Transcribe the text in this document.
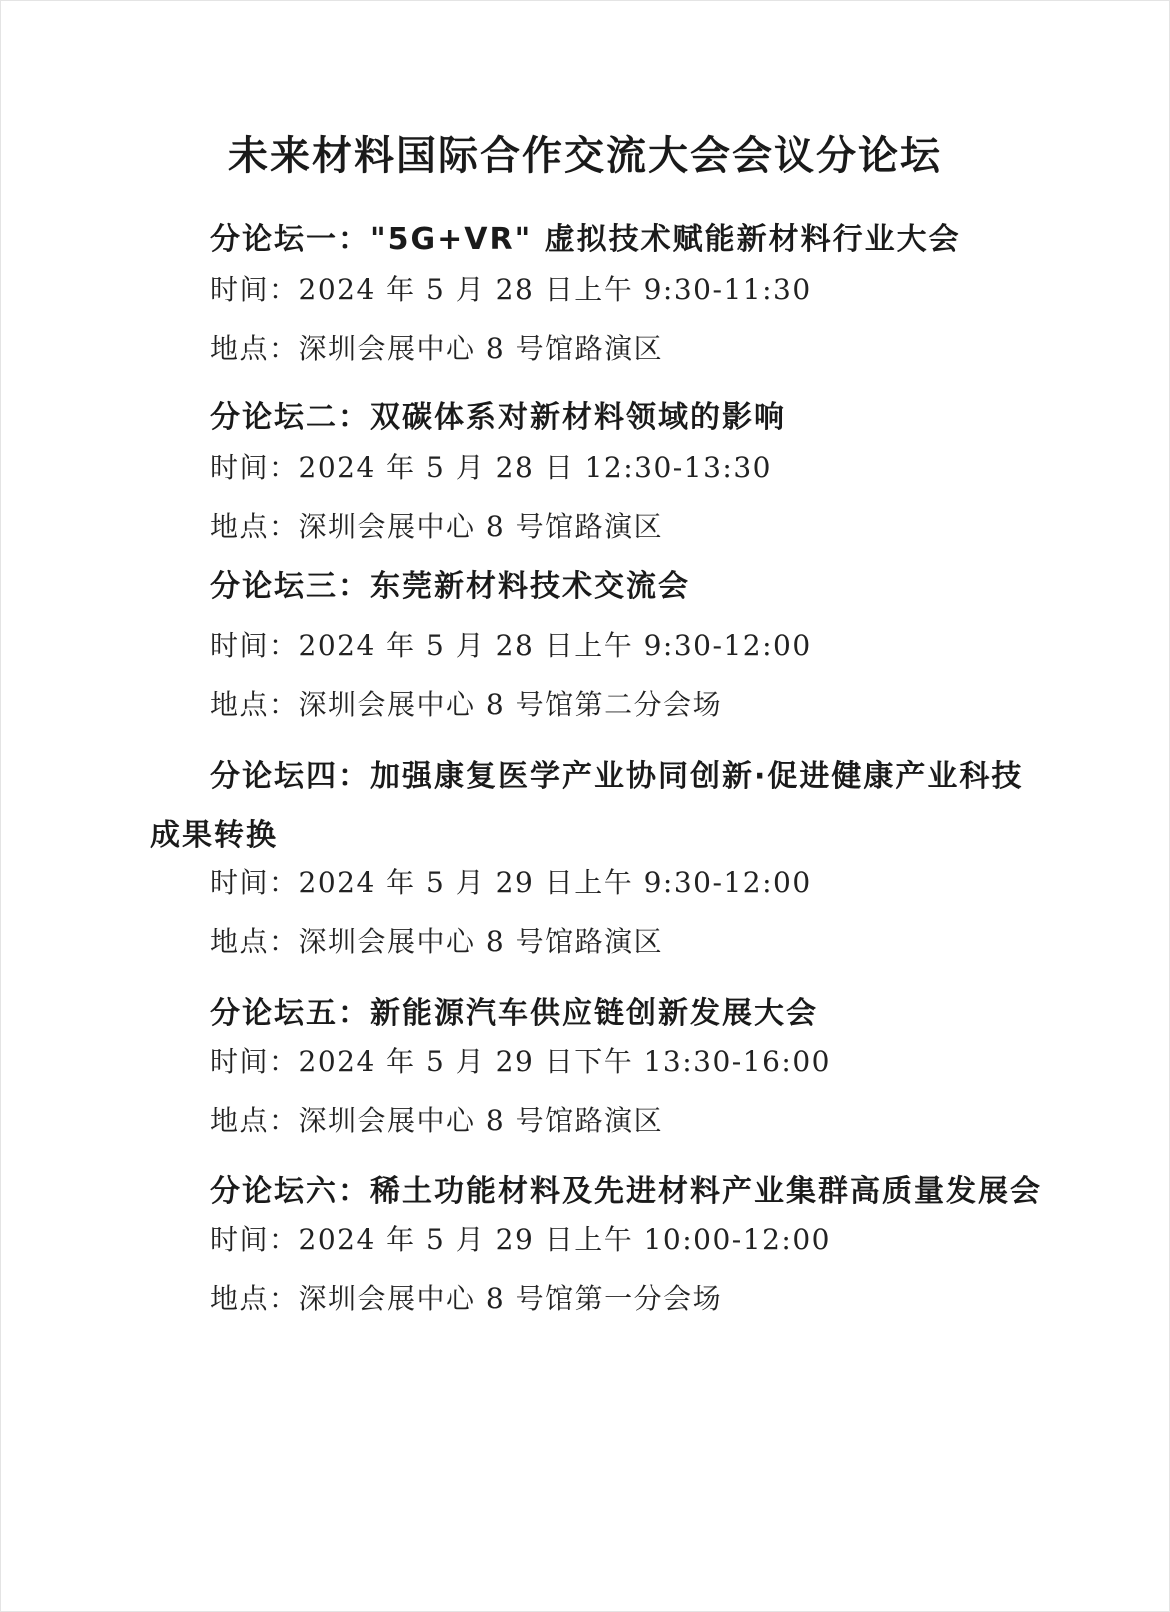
未来材料国际合作交流大会会议分论坛
分论坛一："5G+VR" 虚拟技术赋能新材料行业大会
时间：2024 年 5 月 28 日上午 9:30-11:30
地点：深圳会展中心 8 号馆路演区
分论坛二：双碳体系对新材料领域的影响
时间：2024 年 5 月 28 日 12:30-13:30
地点：深圳会展中心 8 号馆路演区
分论坛三：东莞新材料技术交流会
时间：2024 年 5 月 28 日上午 9:30-12:00
地点：深圳会展中心 8 号馆第二分会场
分论坛四：加强康复医学产业协同创新·促进健康产业科技
成果转换
时间：2024 年 5 月 29 日上午 9:30-12:00
地点：深圳会展中心 8 号馆路演区
分论坛五：新能源汽车供应链创新发展大会
时间：2024 年 5 月 29 日下午 13:30-16:00
地点：深圳会展中心 8 号馆路演区
分论坛六：稀土功能材料及先进材料产业集群高质量发展会
时间：2024 年 5 月 29 日上午 10:00-12:00
地点：深圳会展中心 8 号馆第一分会场
